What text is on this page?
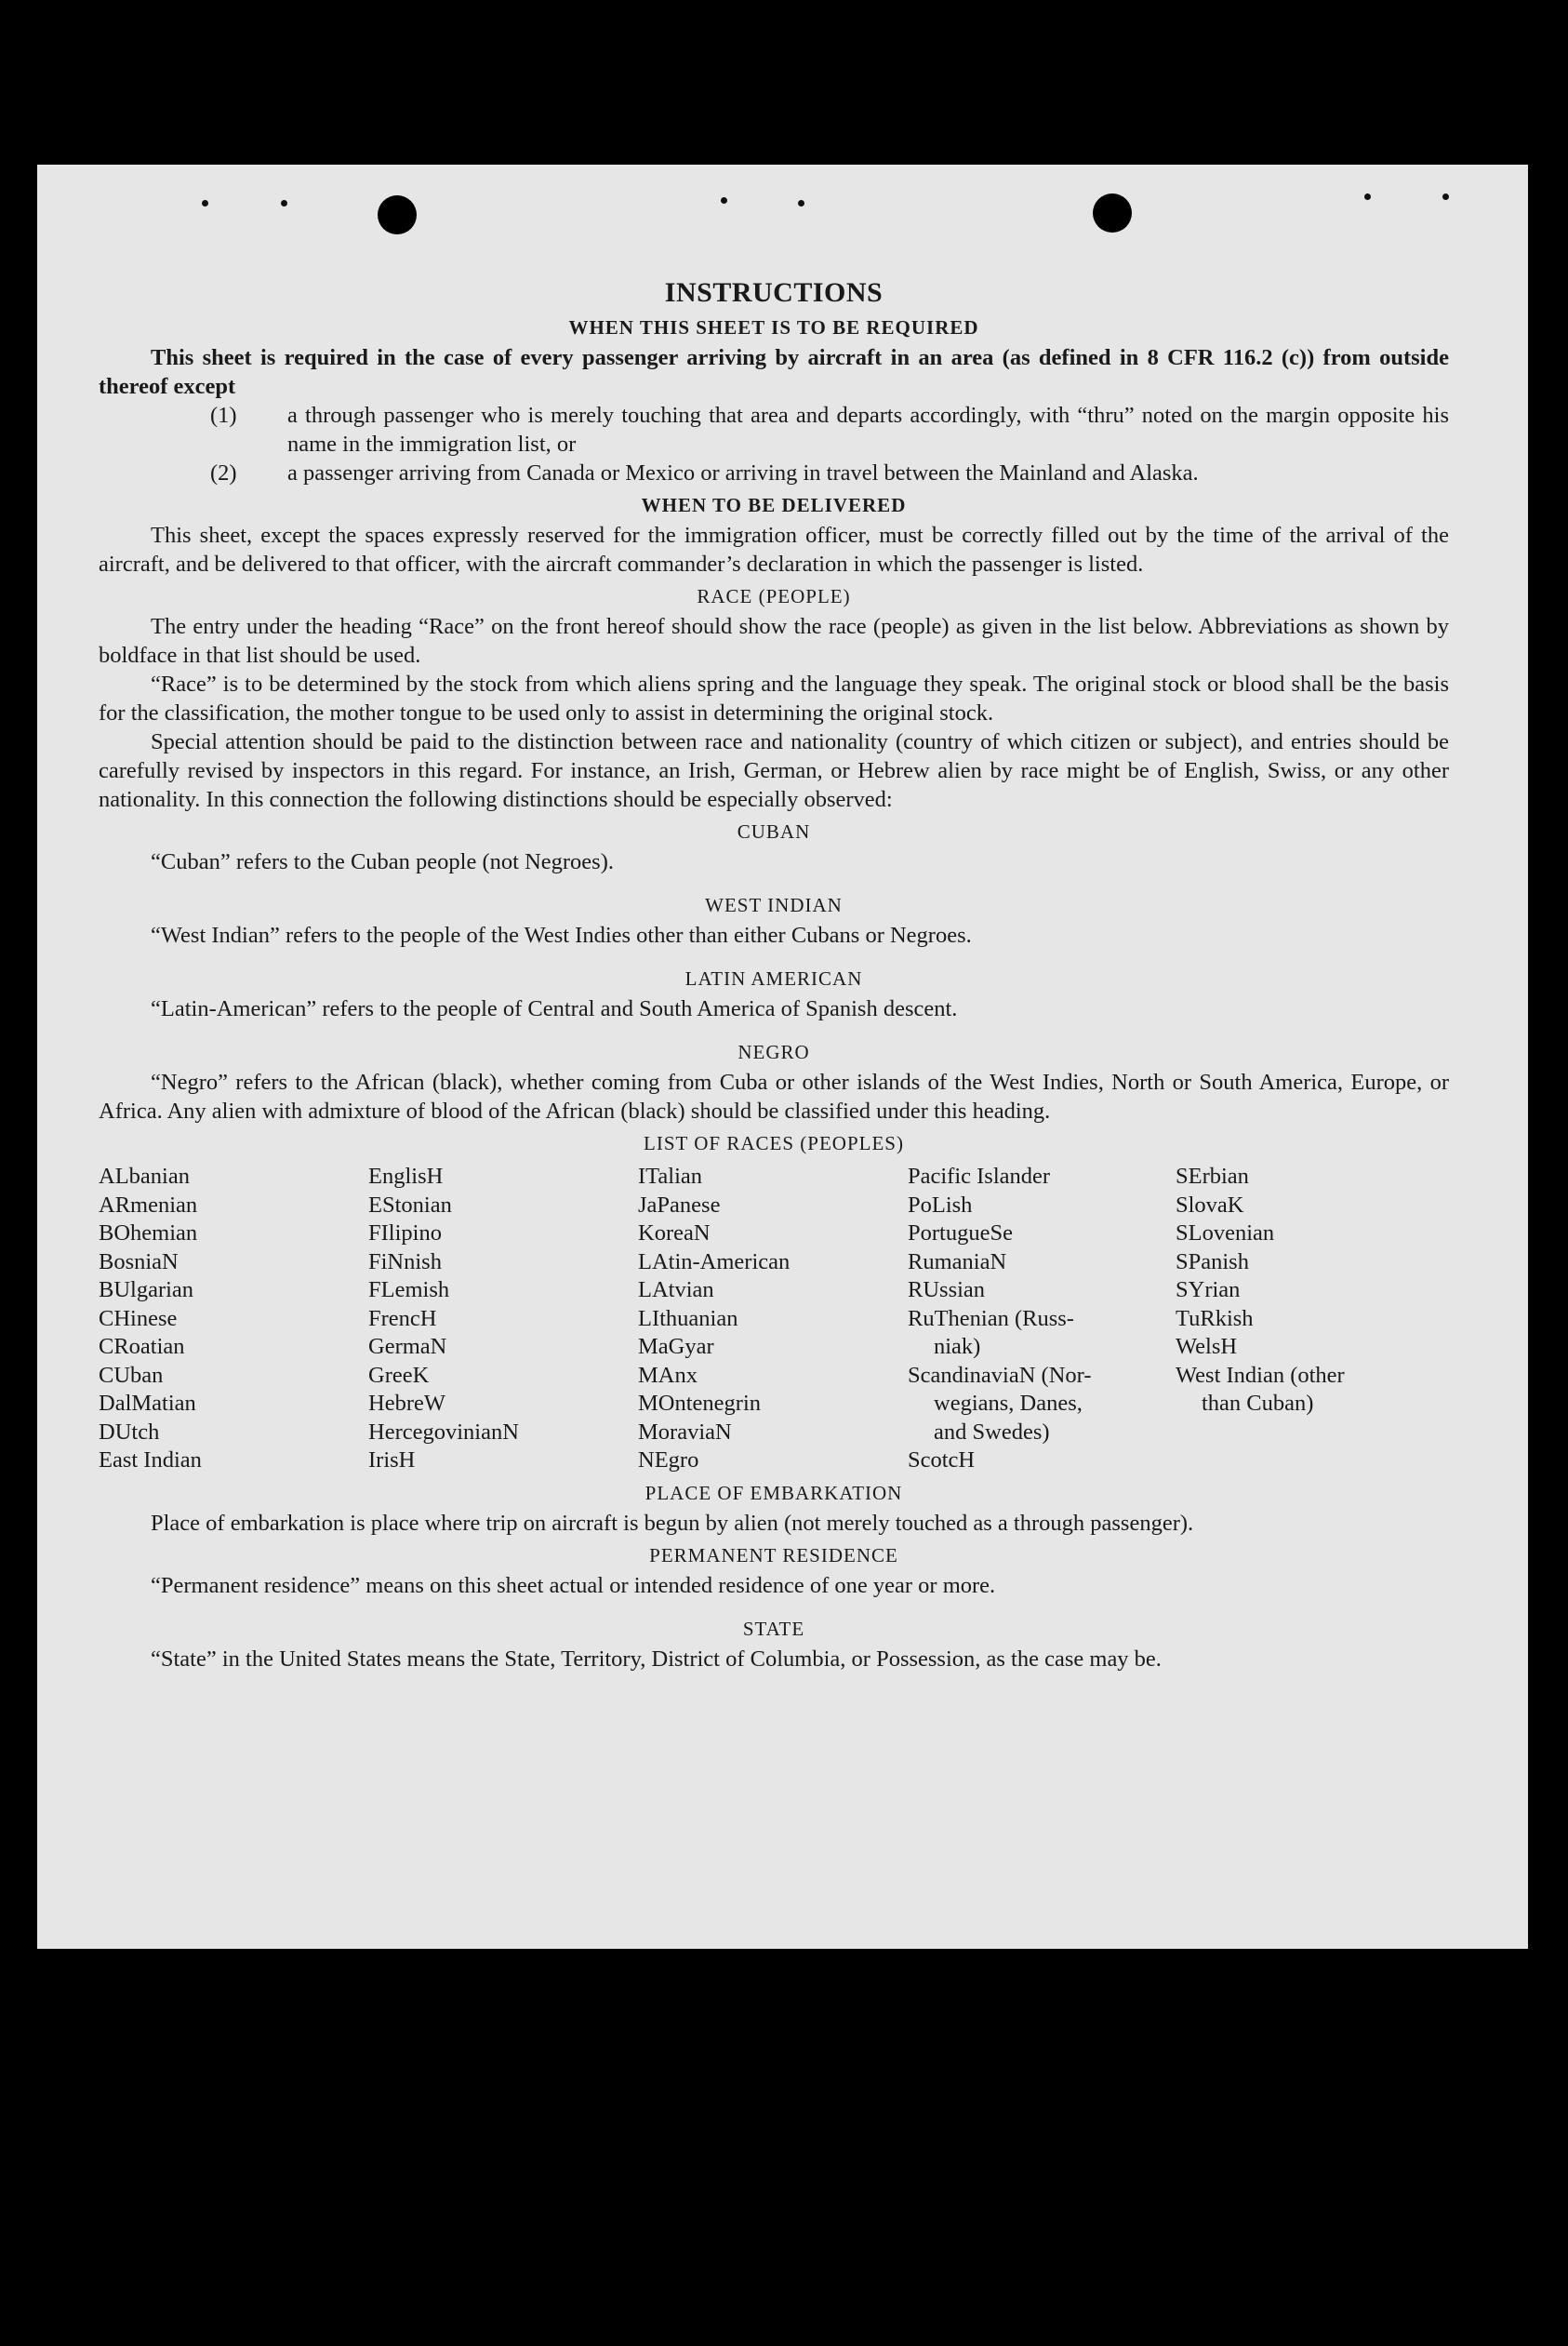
INSTRUCTIONS
WHEN THIS SHEET IS TO BE REQUIRED

This sheet is required in the case of every passenger arriving by aircraft in an area (as defined in 8 CFR 116.2 (c)) from outside thereof except

(1) a through passenger who is merely touching that area and departs accordingly, with “thru” noted on the margin opposite his name in the immigration list, or

(2) a passenger arriving from Canada or Mexico or arriving in travel between the Mainland and Alaska.

WHEN TO BE DELIVERED

This sheet, except the spaces expressly reserved for the immigration officer, must be correctly filled out by the time of the arrival of the aircraft, and be delivered to that officer, with the aircraft commander’s declaration in which the passenger is listed.

RACE (PEOPLE)

The entry under the heading “Race” on the front hereof should show the race (people) as given in the list below. Abbreviations as shown by boldface in that list should be used.

“Race” is to be determined by the stock from which aliens spring and the language they speak. The original stock or blood shall be the basis for the classification, the mother tongue to be used only to assist in determining the original stock.

Special attention should be paid to the distinction between race and nationality (country of which citizen or subject), and entries should be carefully revised by inspectors in this regard. For instance, an Irish, German, or Hebrew alien by race might be of English, Swiss, or any other nationality. In this connection the following distinctions should be especially observed:

CUBAN

“Cuban” refers to the Cuban people (not Negroes).

WEST INDIAN

“West Indian” refers to the people of the West Indies other than either Cubans or Negroes.

LATIN AMERICAN

“Latin-American” refers to the people of Central and South America of Spanish descent.

NEGRO

“Negro” refers to the African (black), whether coming from Cuba or other islands of the West Indies, North or South America, Europe, or Africa. Any alien with admixture of blood of the African (black) should be classified under this heading.

LIST OF RACES (PEOPLES)
ALbanian
ARmenian
BOhemian
BosniaN
BUlgarian
CHinese
CRoatian
CUban
DalMatian
DUtch
East Indian
EnglisH
EStonian
FIlipino
FiNnish
FLemish
FrencH
GermaN
GreeK
HebreW
HercegovinianN
IrisH
ITalian
JaPanese
KoreaN
LAtin-American
LAtvian
LIthuanian
MaGyar
MAnx
MOntenegrin
MoraviaN
NEgro
Pacific Islander
PoLish
PortugueSe
RumaniaN
RUssian
RuThenian (Russ-
niak)
ScandinaviaN (Nor-
wegians, Danes,
and Swedes)
ScotcH
SErbian
SlovaK
SLovenian
SPanish
SYrian
TuRkish
WelsH
West Indian (other
than Cuban)
PLACE OF EMBARKATION

Place of embarkation is place where trip on aircraft is begun by alien (not merely touched as a through passenger).

PERMANENT RESIDENCE

“Permanent residence” means on this sheet actual or intended residence of one year or more.

STATE

“State” in the United States means the State, Territory, District of Columbia, or Possession, as the case may be.
